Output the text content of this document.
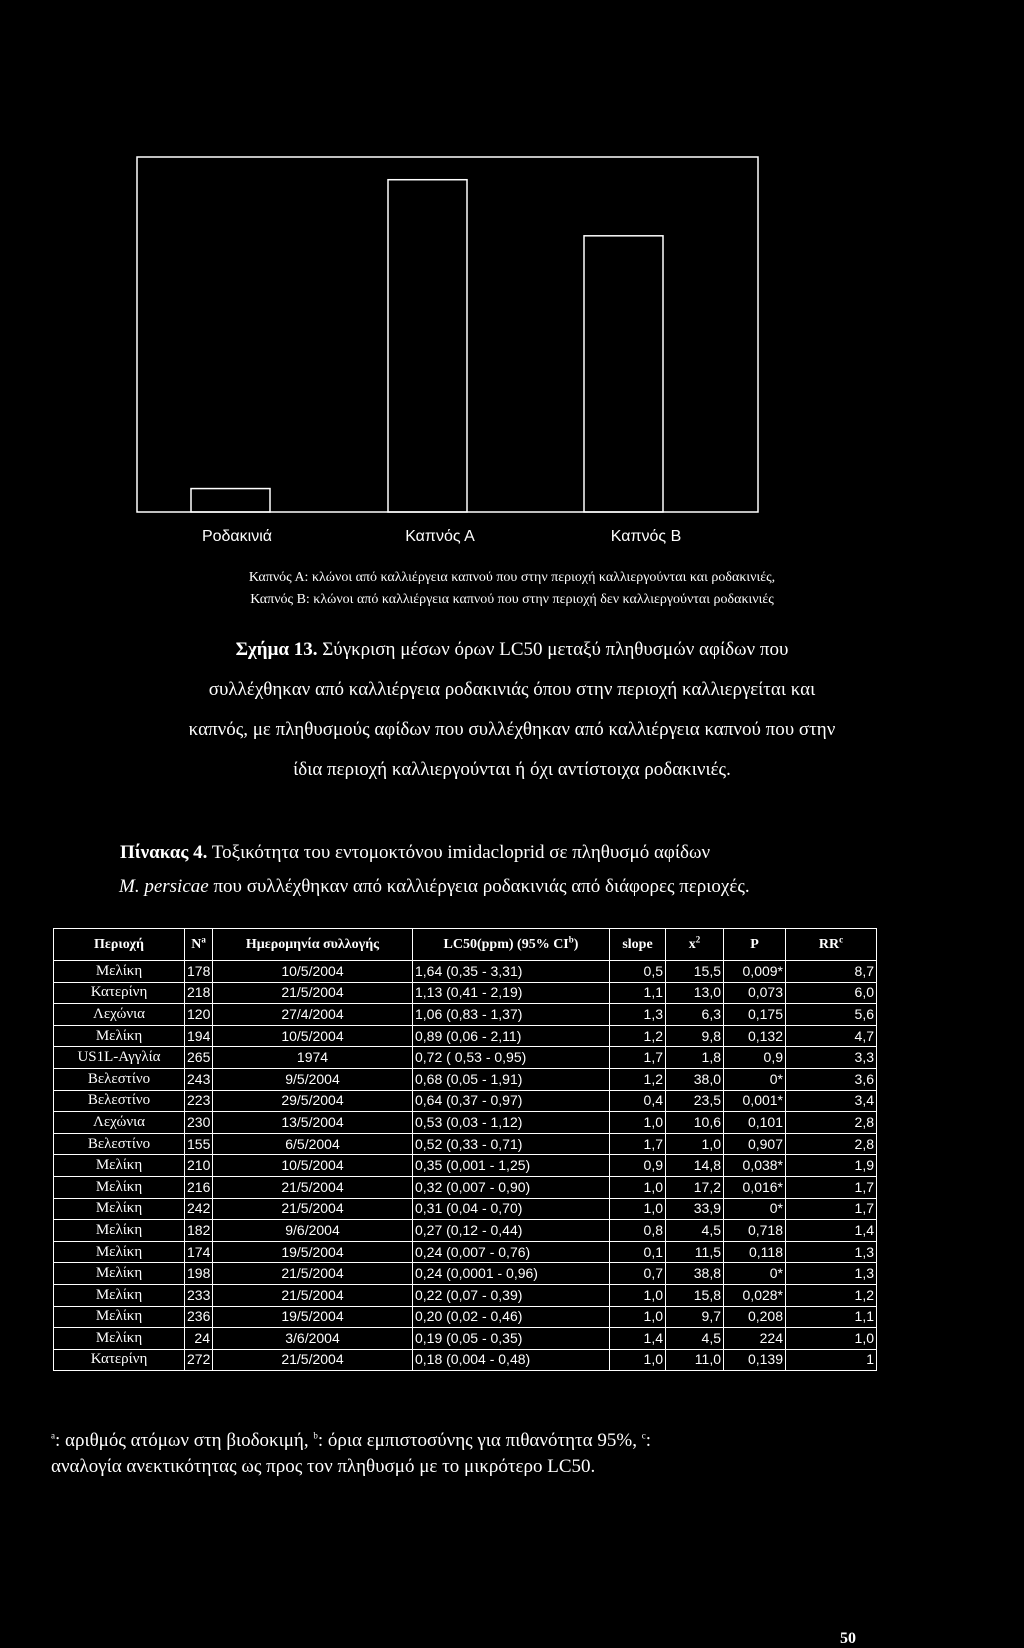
Ροδακινιά	Καπνός Α	Καπνός Β
Καπνός Α: κλώνοι από καλλιέργεια καπνού που στην περιοχή καλλιεργούνται και ροδακινιές,
Καπνός Β: κλώνοι από καλλιέργεια καπνού που στην περιοχή δεν καλλιεργούνται ροδακινιές
Σχήμα 13. Σύγκριση μέσων όρων LC50 μεταξύ πληθυσμών αφίδων που
συλλέχθηκαν από καλλιέργεια ροδακινιάς όπου στην περιοχή καλλιεργείται και
καπνός, με πληθυσμούς αφίδων που συλλέχθηκαν από καλλιέργεια καπνού που στην
ίδια περιοχή καλλιεργούνται ή όχι αντίστοιχα ροδακινιές.
Πίνακας 4. Τοξικότητα του εντομοκτόνου imidacloprid σε πληθυσμό αφίδων
M. persicae που συλλέχθηκαν από καλλιέργεια ροδακινιάς από διάφορες περιοχές.
Περιοχή	$N^a$	Ημερομηνία συλλογής	LC50(ppm) (95% $CI^b$)	slope	$x^2$	P	$RR^c$
Μελίκη	178	10/5/2004	1,64 (0,35 - 3,31)	0,5	15,5	0,009*	8,7
Κατερίνη	218	21/5/2004	1,13 (0,41 - 2,19)	1,1	13,0	0,073	6,0
Λεχώνια	120	27/4/2004	1,06 (0,83 - 1,37)	1,3	6,3	0,175	5,6
Μελίκη	194	10/5/2004	0,89 (0,06 - 2,11)	1,2	9,8	0,132	4,7
US1L-Αγγλία	265	1974	0,72 ( 0,53 - 0,95)	1,7	1,8	0,9	3,3
Βελεστίνο	243	9/5/2004	0,68 (0,05 - 1,91)	1,2	38,0	0*	3,6
Βελεστίνο	223	29/5/2004	0,64 (0,37 - 0,97)	0,4	23,5	0,001*	3,4
Λεχώνια	230	13/5/2004	0,53 (0,03 - 1,12)	1,0	10,6	0,101	2,8
Βελεστίνο	155	6/5/2004	0,52 (0,33 - 0,71)	1,7	1,0	0,907	2,8
Μελίκη	210	10/5/2004	0,35 (0,001 - 1,25)	0,9	14,8	0,038*	1,9
Μελίκη	216	21/5/2004	0,32 (0,007 - 0,90)	1,0	17,2	0,016*	1,7
Μελίκη	242	21/5/2004	0,31 (0,04 - 0,70)	1,0	33,9	0*	1,7
Μελίκη	182	9/6/2004	0,27 (0,12 - 0,44)	0,8	4,5	0,718	1,4
Μελίκη	174	19/5/2004	0,24 (0,007 - 0,76)	0,1	11,5	0,118	1,3
Μελίκη	198	21/5/2004	0,24 (0,0001 - 0,96)	0,7	38,8	0*	1,3
Μελίκη	233	21/5/2004	0,22 (0,07 - 0,39)	1,0	15,8	0,028*	1,2
Μελίκη	236	19/5/2004	0,20 (0,02 - 0,46)	1,0	9,7	0,208	1,1
Μελίκη	24	3/6/2004	0,19 (0,05 - 0,35)	1,4	4,5	224	1,0
Κατερίνη	272	21/5/2004	0,18 (0,004 - 0,48)	1,0	11,0	0,139	1
$^a$: αριθμός ατόμων στη βιοδοκιμή, $^b$: όρια εμπιστοσύνης για πιθανότητα 95%, $^c$:
αναλογία ανεκτικότητας ως προς τον πληθυσμό με το μικρότερο LC50.
50
